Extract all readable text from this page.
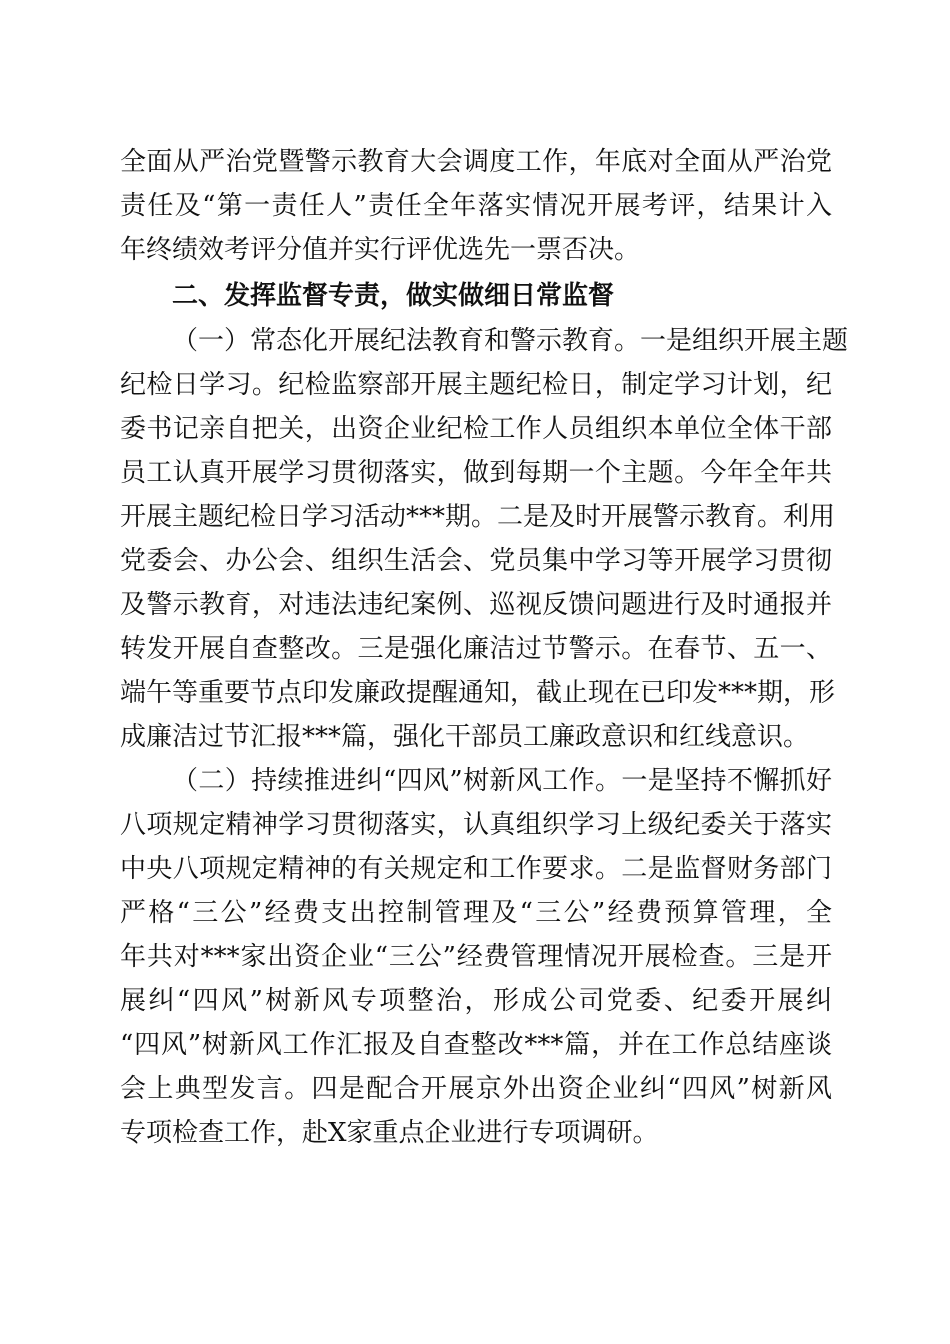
全面从严治党暨警示教育大会调度工作，年底对全面从严治党
责任及“第一责任人”责任全年落实情况开展考评，结果计入
年终绩效考评分值并实行评优选先一票否决。
二、发挥监督专责，做实做细日常监督
（一）常态化开展纪法教育和警示教育。一是组织开展主题
纪检日学习。纪检监察部开展主题纪检日，制定学习计划，纪
委书记亲自把关，出资企业纪检工作人员组织本单位全体干部
员工认真开展学习贯彻落实，做到每期一个主题。今年全年共
开展主题纪检日学习活动***期。二是及时开展警示教育。利用
党委会、办公会、组织生活会、党员集中学习等开展学习贯彻
及警示教育，对违法违纪案例、巡视反馈问题进行及时通报并
转发开展自查整改。三是强化廉洁过节警示。在春节、五一、
端午等重要节点印发廉政提醒通知，截止现在已印发***期，形
成廉洁过节汇报***篇，强化干部员工廉政意识和红线意识。
（二）持续推进纠“四风”树新风工作。一是坚持不懈抓好
八项规定精神学习贯彻落实，认真组织学习上级纪委关于落实
中央八项规定精神的有关规定和工作要求。二是监督财务部门
严格“三公”经费支出控制管理及“三公”经费预算管理，全
年共对***家出资企业“三公”经费管理情况开展检查。三是开
展纠“四风”树新风专项整治，形成公司党委、纪委开展纠
“四风”树新风工作汇报及自查整改***篇，并在工作总结座谈
会上典型发言。四是配合开展京外出资企业纠“四风”树新风
专项检查工作，赴X家重点企业进行专项调研。
